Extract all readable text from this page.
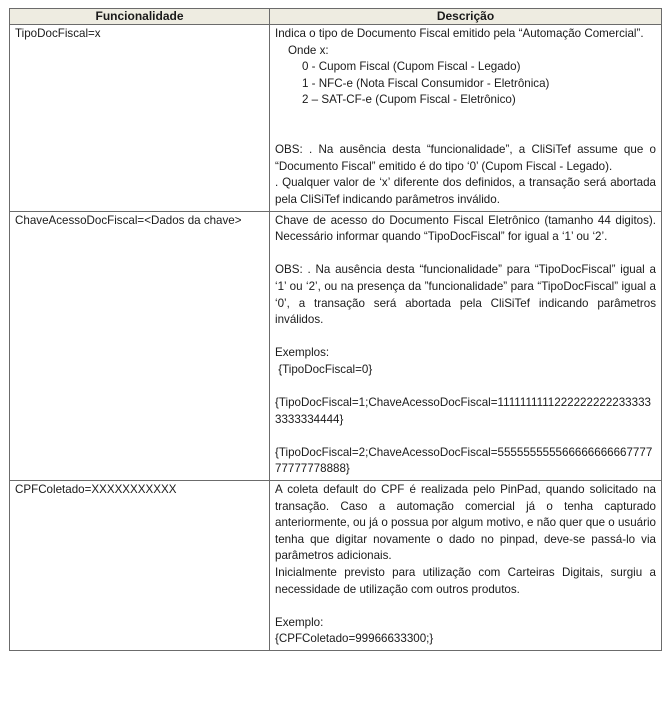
Funcionalidade	Descrição
TipoDocFiscal=x	Indica o tipo de Documento Fiscal emitido pela “Automação Comercial”.

Onde x:

0 - Cupom Fiscal (Cupom Fiscal - Legado)

1 - NFC-e (Nota Fiscal Consumidor - Eletrônica)

2 – SAT-CF-e (Cupom Fiscal - Eletrônico)

OBS: . Na ausência desta “funcionalidade”, a CliSiTef assume que o “Documento Fiscal” emitido é do tipo ‘0’ (Cupom Fiscal - Legado).

. Qualquer valor de ‘x’ diferente dos definidos, a transação será abortada pela CliSiTef indicando parâmetros inválido.

ChaveAcessoDocFiscal=<Dados da chave>	Chave de acesso do Documento Fiscal Eletrônico (tamanho 44 digitos). Necessário informar quando “TipoDocFiscal” for igual a ‘1’ ou ‘2’.

OBS: . Na ausência desta “funcionalidade” para “TipoDocFiscal” igual a ‘1’ ou ‘2’, ou na presença da ”funcionalidade” para “TipoDocFiscal” igual a ‘0’, a transação será abortada pela CliSiTef indicando parâmetros inválidos.

Exemplos:

{TipoDocFiscal=0}

{TipoDocFiscal=1;ChaveAcessoDocFiscal=11111111112222222222333333333334444}

{TipoDocFiscal=2;ChaveAcessoDocFiscal=55555555556666666666777777777778888}

CPFColetado=XXXXXXXXXXX	A coleta default do CPF é realizada pelo PinPad, quando solicitado na transação. Caso a automação comercial já o tenha capturado anteriormente, ou já o possua por algum motivo, e não quer que o usuário tenha que digitar novamente o dado no pinpad, deve-se passá-lo via parâmetros adicionais.

Inicialmente previsto para utilização com Carteiras Digitais, surgiu a necessidade de utilização com outros produtos.

Exemplo:

{CPFColetado=99966633300;}
